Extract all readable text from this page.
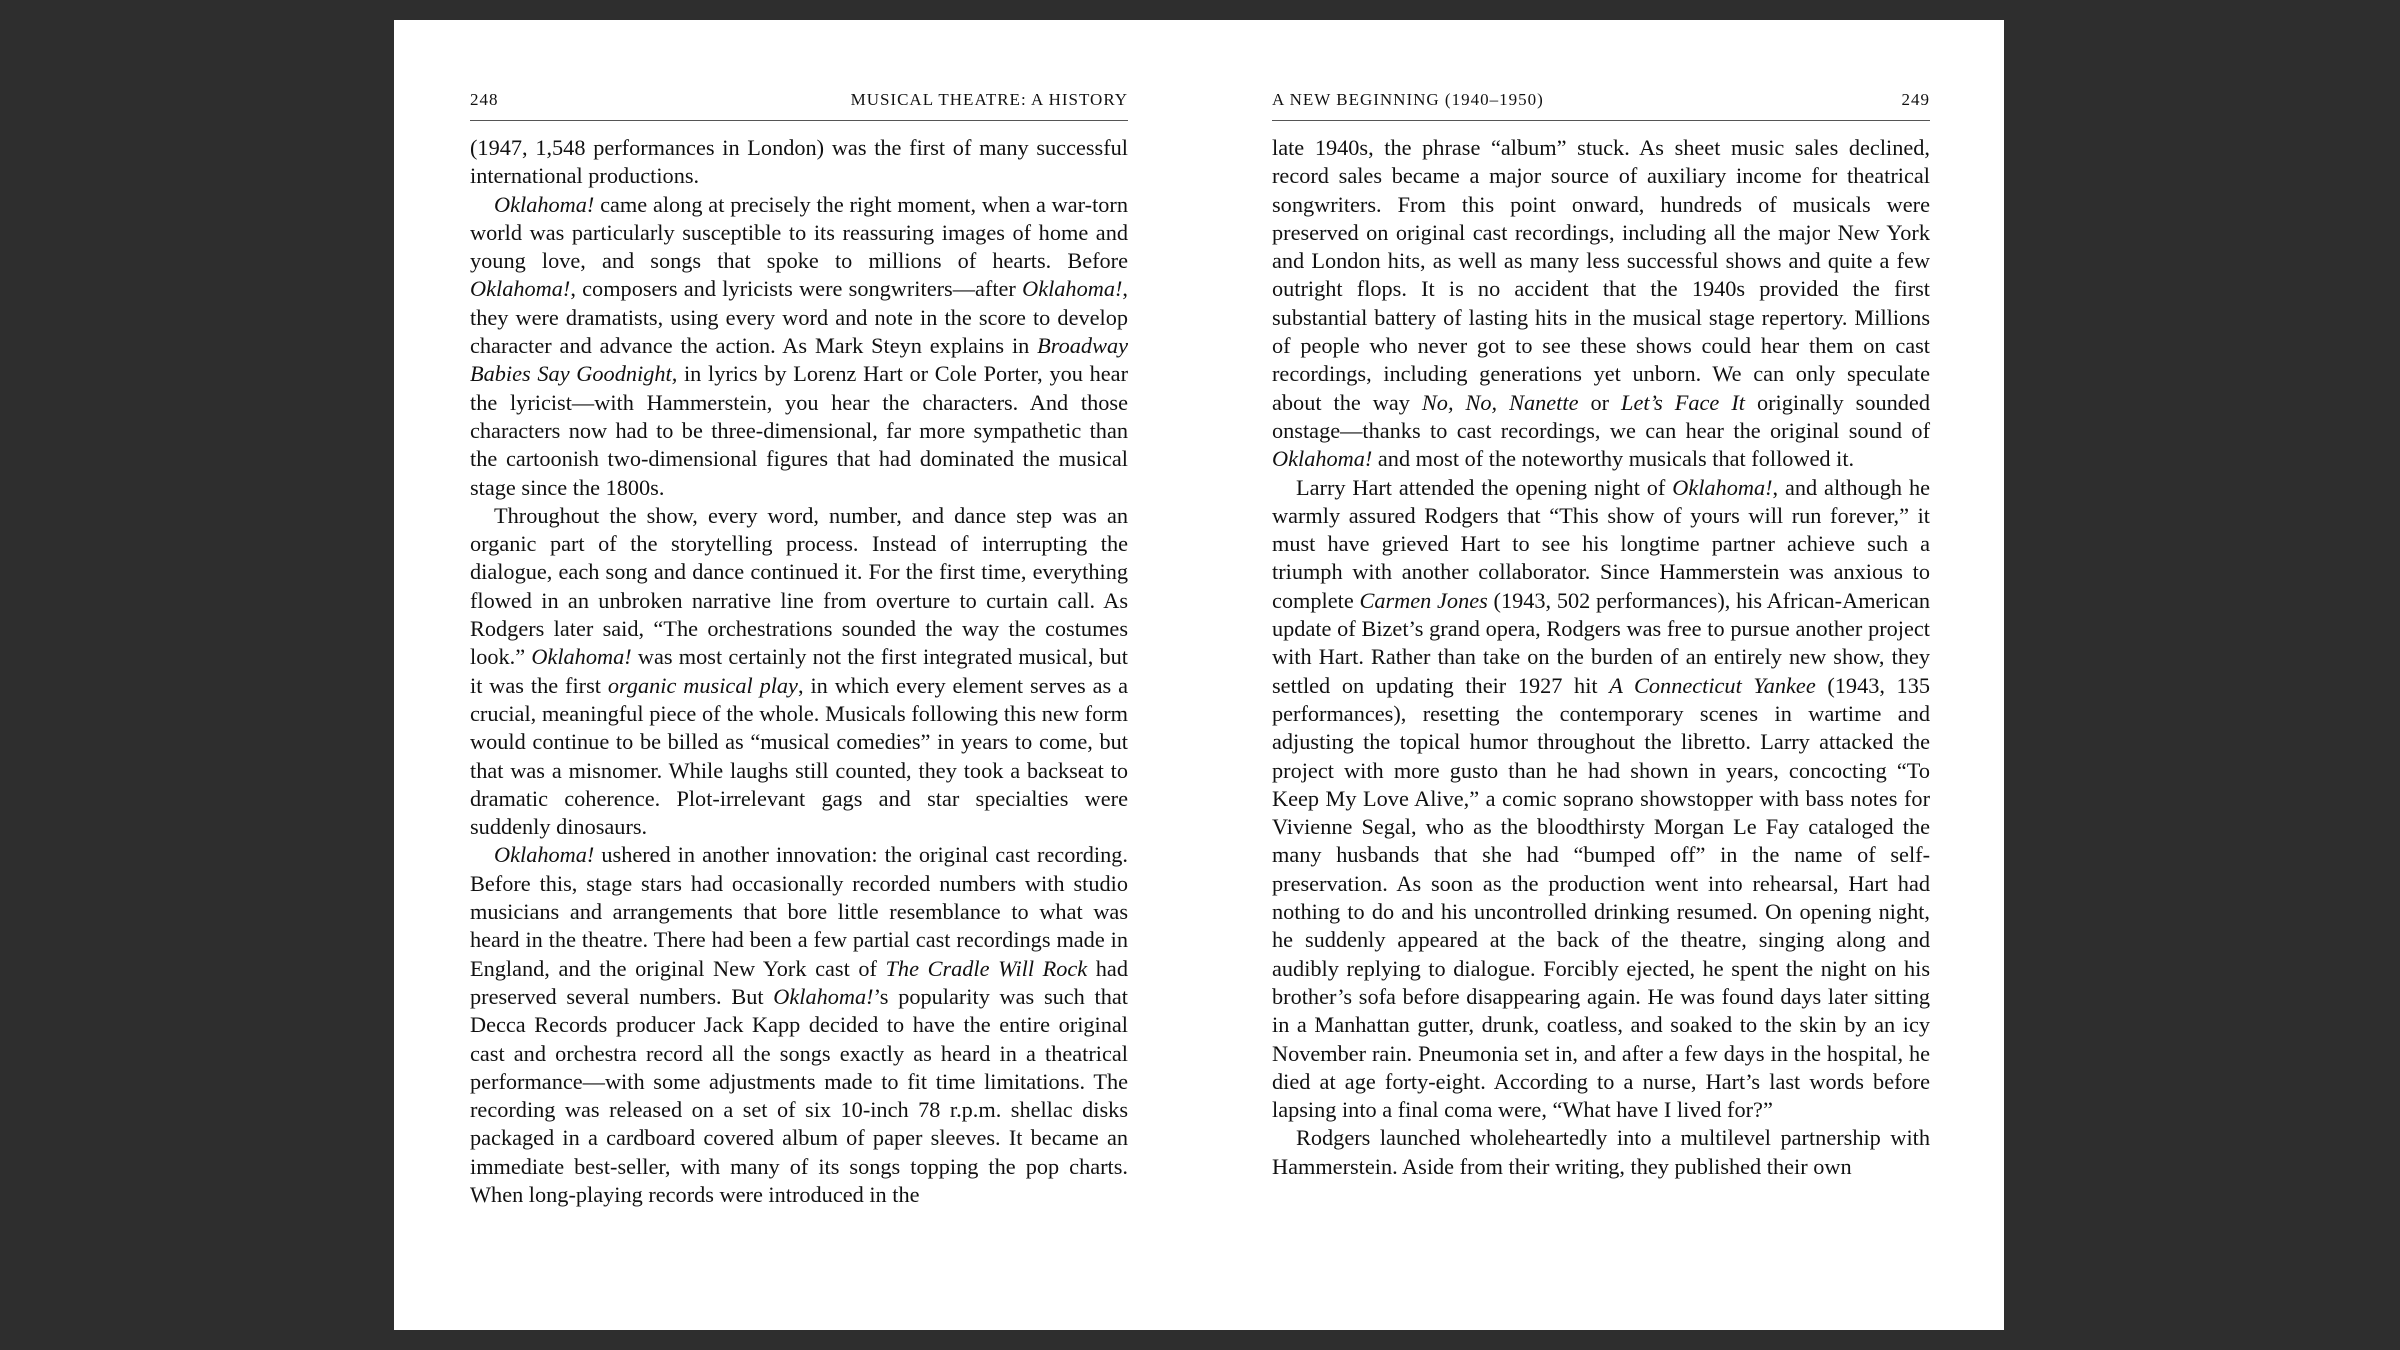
248	MUSICAL THEATRE: A HISTORY

(1947, 1,548 performances in London) was the first of many successful international productions.

Oklahoma! came along at precisely the right moment, when a war-torn world was particularly susceptible to its reassuring images of home and young love, and songs that spoke to millions of hearts. Before Oklahoma!, composers and lyricists were songwriters—after Oklahoma!, they were dramatists, using every word and note in the score to develop character and advance the action. As Mark Steyn explains in Broadway Babies Say Goodnight, in lyrics by Lorenz Hart or Cole Porter, you hear the lyricist—with Hammerstein, you hear the characters. And those characters now had to be three-dimensional, far more sympathetic than the cartoonish two-dimensional figures that had dominated the musical stage since the 1800s.

Throughout the show, every word, number, and dance step was an organic part of the storytelling process. Instead of interrupting the dialogue, each song and dance continued it. For the first time, everything flowed in an unbroken narrative line from overture to curtain call. As Rodgers later said, “The orchestrations sounded the way the costumes look.” Oklahoma! was most certainly not the first integrated musical, but it was the first organic musical play, in which every element serves as a crucial, meaningful piece of the whole. Musicals following this new form would continue to be billed as “musical comedies” in years to come, but that was a misnomer. While laughs still counted, they took a backseat to dramatic coherence. Plot-irrelevant gags and star specialties were suddenly dinosaurs.

Oklahoma! ushered in another innovation: the original cast recording. Before this, stage stars had occasionally recorded numbers with studio musicians and arrangements that bore little resemblance to what was heard in the theatre. There had been a few partial cast recordings made in England, and the original New York cast of The Cradle Will Rock had preserved several numbers. But Oklahoma!’s popularity was such that Decca Records producer Jack Kapp decided to have the entire original cast and orchestra record all the songs exactly as heard in a theatrical performance—with some adjustments made to fit time limitations. The recording was released on a set of six 10-inch 78 r.p.m. shellac disks packaged in a cardboard covered album of paper sleeves. It became an immediate best-seller, with many of its songs topping the pop charts. When long-playing records were introduced in the

A NEW BEGINNING (1940–1950)	249

late 1940s, the phrase “album” stuck. As sheet music sales declined, record sales became a major source of auxiliary income for theatrical songwriters. From this point onward, hundreds of musicals were preserved on original cast recordings, including all the major New York and London hits, as well as many less successful shows and quite a few outright flops. It is no accident that the 1940s provided the first substantial battery of lasting hits in the musical stage repertory. Millions of people who never got to see these shows could hear them on cast recordings, including generations yet unborn. We can only speculate about the way No, No, Nanette or Let’s Face It originally sounded onstage—thanks to cast recordings, we can hear the original sound of Oklahoma! and most of the noteworthy musicals that followed it.

Larry Hart attended the opening night of Oklahoma!, and although he warmly assured Rodgers that “This show of yours will run forever,” it must have grieved Hart to see his longtime partner achieve such a triumph with another collaborator. Since Hammerstein was anxious to complete Carmen Jones (1943, 502 performances), his African-American update of Bizet’s grand opera, Rodgers was free to pursue another project with Hart. Rather than take on the burden of an entirely new show, they settled on updating their 1927 hit A Connecticut Yankee (1943, 135 performances), resetting the contemporary scenes in wartime and adjusting the topical humor throughout the libretto. Larry attacked the project with more gusto than he had shown in years, concocting “To Keep My Love Alive,” a comic soprano showstopper with bass notes for Vivienne Segal, who as the bloodthirsty Morgan Le Fay cataloged the many husbands that she had “bumped off” in the name of self-preservation. As soon as the production went into rehearsal, Hart had nothing to do and his uncontrolled drinking resumed. On opening night, he suddenly appeared at the back of the theatre, singing along and audibly replying to dialogue. Forcibly ejected, he spent the night on his brother’s sofa before disappearing again. He was found days later sitting in a Manhattan gutter, drunk, coatless, and soaked to the skin by an icy November rain. Pneumonia set in, and after a few days in the hospital, he died at age forty-eight. According to a nurse, Hart’s last words before lapsing into a final coma were, “What have I lived for?”

Rodgers launched wholeheartedly into a multilevel partnership with Hammerstein. Aside from their writing, they published their own
